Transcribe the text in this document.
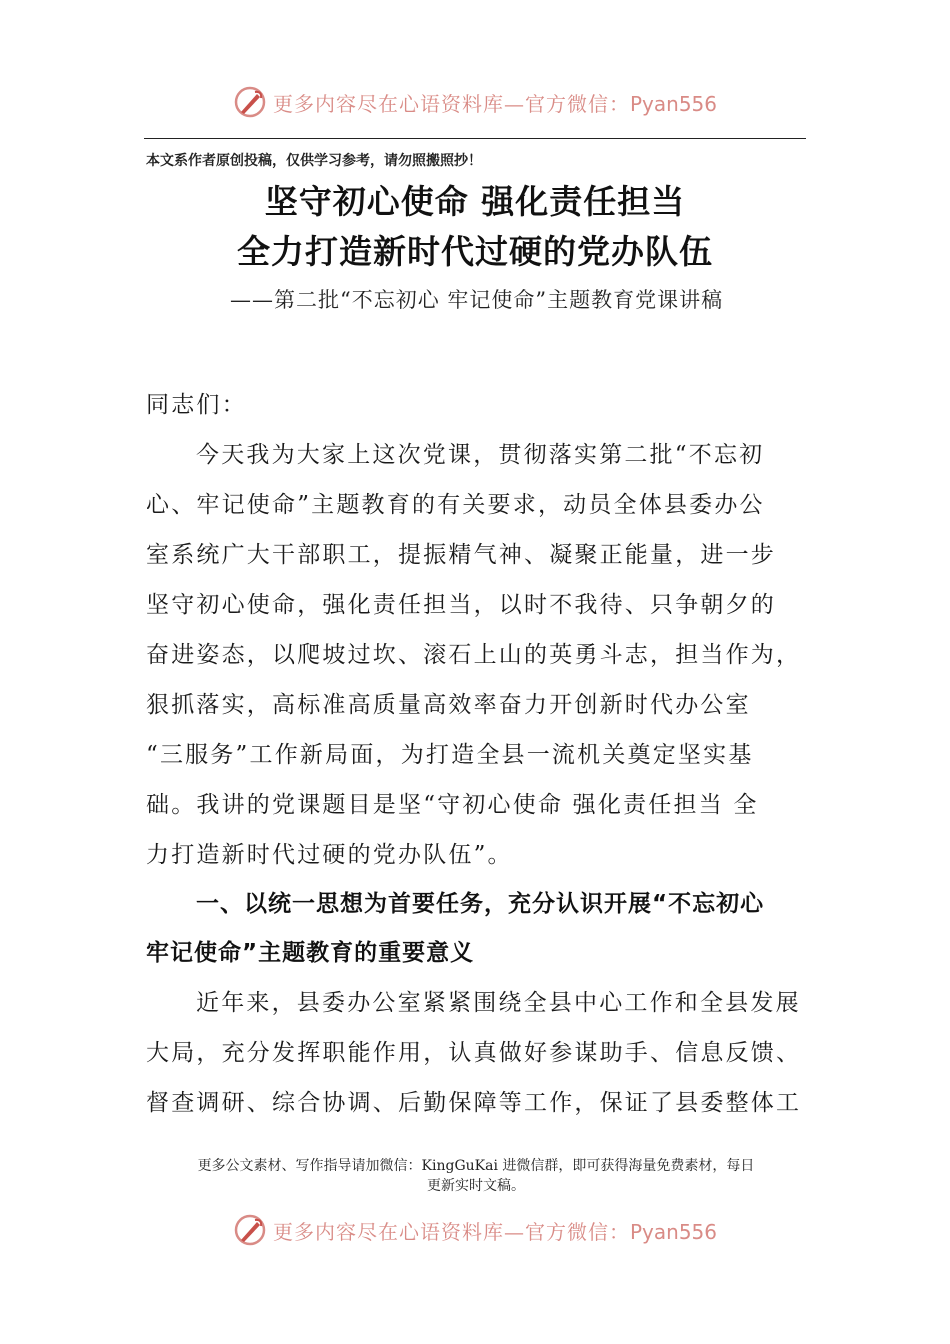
更多内容尽在心语资料库—官方微信：Pyan556
本文系作者原创投稿，仅供学习参考，请勿照搬照抄！
坚守初心使命 强化责任担当
全力打造新时代过硬的党办队伍
——第二批“不忘初心 牢记使命”主题教育党课讲稿
同志们：
今天我为大家上这次党课，贯彻落实第二批“不忘初
心、牢记使命”主题教育的有关要求，动员全体县委办公
室系统广大干部职工，提振精气神、凝聚正能量，进一步
坚守初心使命，强化责任担当，以时不我待、只争朝夕的
奋进姿态，以爬坡过坎、滚石上山的英勇斗志，担当作为，
狠抓落实，高标准高质量高效率奋力开创新时代办公室
“三服务”工作新局面，为打造全县一流机关奠定坚实基
础。我讲的党课题目是坚“守初心使命 强化责任担当 全
力打造新时代过硬的党办队伍”。
一、以统一思想为首要任务，充分认识开展“不忘初心
牢记使命”主题教育的重要意义
近年来，县委办公室紧紧围绕全县中心工作和全县发展
大局，充分发挥职能作用，认真做好参谋助手、信息反馈、
督查调研、综合协调、后勤保障等工作，保证了县委整体工
更多公文素材、写作指导请加微信：KingGuKai 进微信群，即可获得海量免费素材，每日
更新实时文稿。
更多内容尽在心语资料库—官方微信：Pyan556
